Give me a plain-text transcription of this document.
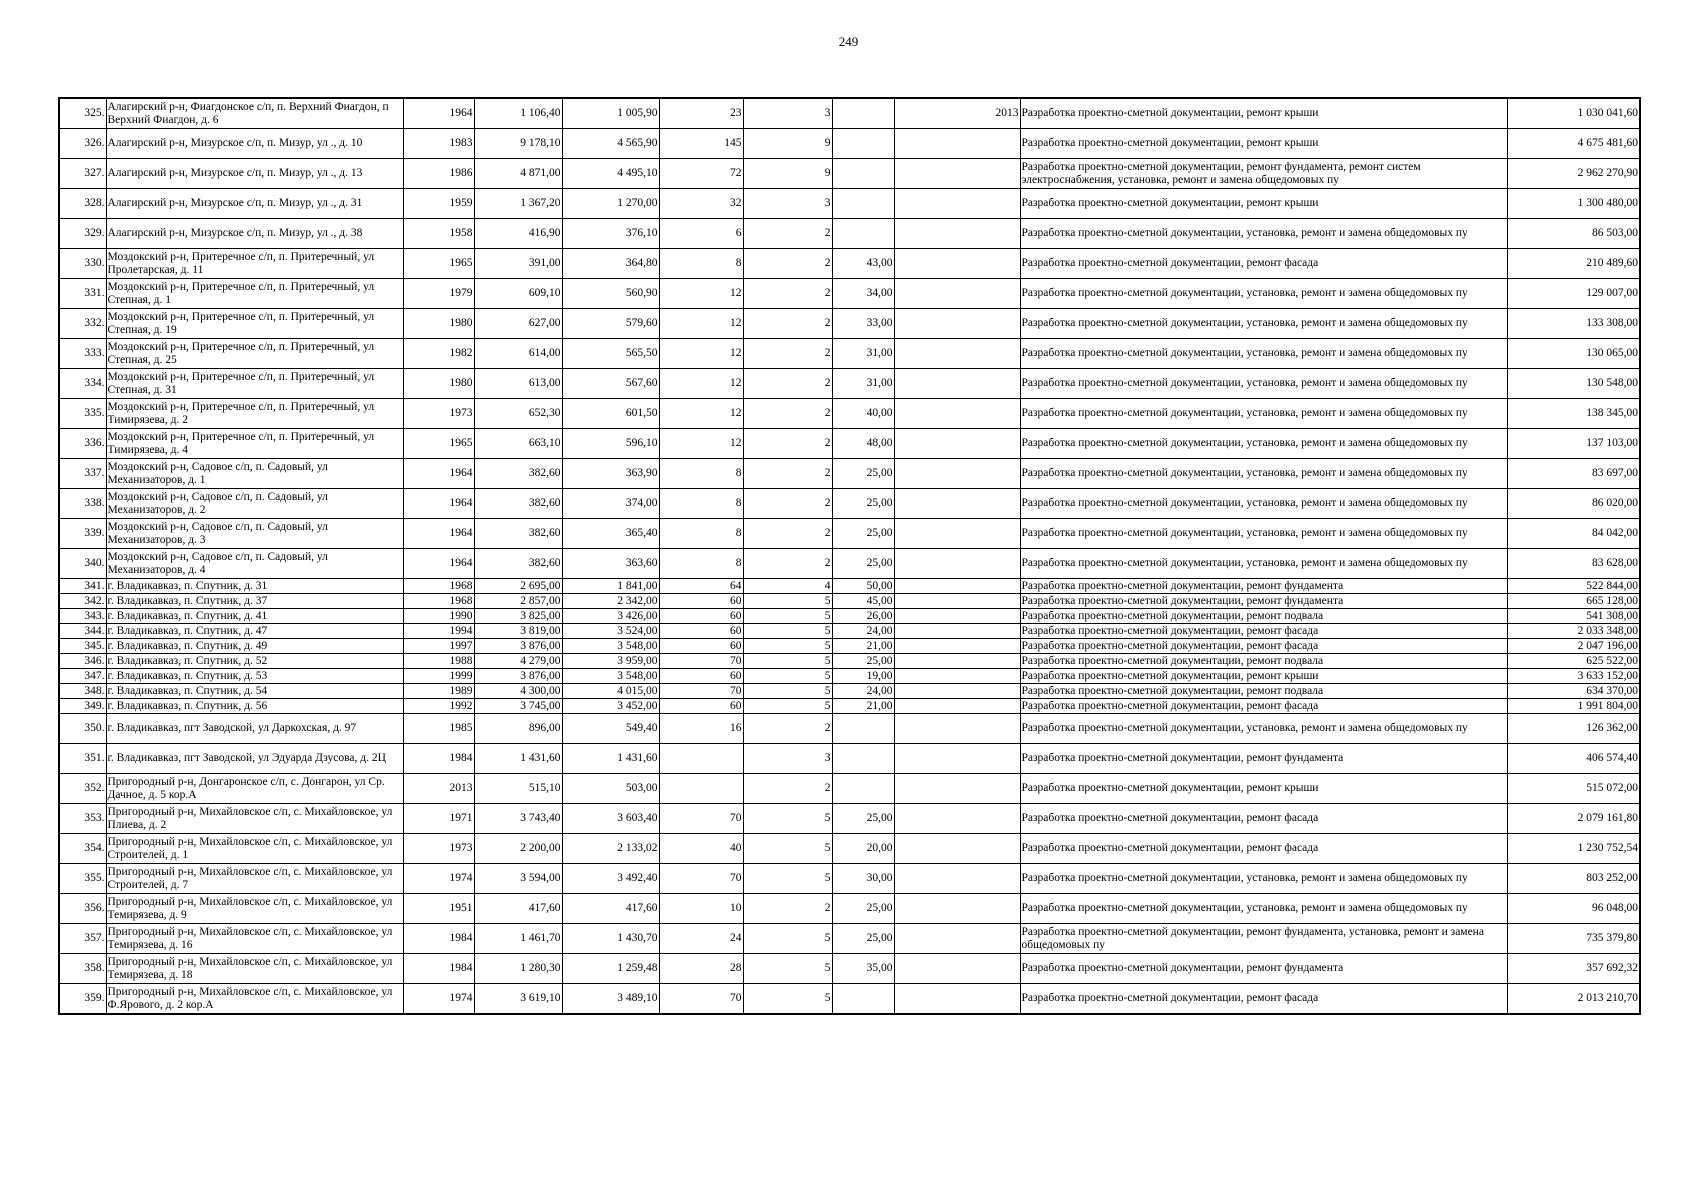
249
325.	Алагирский р-н, Фиагдонское с/п, п. Верхний Фиагдон, п Верхний Фиагдон, д. 6	1964	1 106,40	1 005,90	23	3		2013	Разработка проектно-сметной документации, ремонт крыши	1 030 041,60
326.	Алагирский р-н, Мизурское с/п, п. Мизур, ул ., д. 10	1983	9 178,10	4 565,90	145	9			Разработка проектно-сметной документации, ремонт крыши	4 675 481,60
327.	Алагирский р-н, Мизурское с/п, п. Мизур, ул ., д. 13	1986	4 871,00	4 495,10	72	9			Разработка проектно-сметной документации, ремонт фундамента, ремонт систем электроснабжения, установка, ремонт и замена общедомовых пу	2 962 270,90
328.	Алагирский р-н, Мизурское с/п, п. Мизур, ул ., д. 31	1959	1 367,20	1 270,00	32	3			Разработка проектно-сметной документации, ремонт крыши	1 300 480,00
329.	Алагирский р-н, Мизурское с/п, п. Мизур, ул ., д. 38	1958	416,90	376,10	6	2			Разработка проектно-сметной документации, установка, ремонт и замена общедомовых пу	86 503,00
330.	Моздокский р-н, Притеречное с/п, п. Притеречный, ул Пролетарская, д. 11	1965	391,00	364,80	8	2	43,00		Разработка проектно-сметной документации, ремонт фасада	210 489,60
331.	Моздокский р-н, Притеречное с/п, п. Притеречный, ул Степная, д. 1	1979	609,10	560,90	12	2	34,00		Разработка проектно-сметной документации, установка, ремонт и замена общедомовых пу	129 007,00
332.	Моздокский р-н, Притеречное с/п, п. Притеречный, ул Степная, д. 19	1980	627,00	579,60	12	2	33,00		Разработка проектно-сметной документации, установка, ремонт и замена общедомовых пу	133 308,00
333.	Моздокский р-н, Притеречное с/п, п. Притеречный, ул Степная, д. 25	1982	614,00	565,50	12	2	31,00		Разработка проектно-сметной документации, установка, ремонт и замена общедомовых пу	130 065,00
334.	Моздокский р-н, Притеречное с/п, п. Притеречный, ул Степная, д. 31	1980	613,00	567,60	12	2	31,00		Разработка проектно-сметной документации, установка, ремонт и замена общедомовых пу	130 548,00
335.	Моздокский р-н, Притеречное с/п, п. Притеречный, ул Тимирязева, д. 2	1973	652,30	601,50	12	2	40,00		Разработка проектно-сметной документации, установка, ремонт и замена общедомовых пу	138 345,00
336.	Моздокский р-н, Притеречное с/п, п. Притеречный, ул Тимирязева, д. 4	1965	663,10	596,10	12	2	48,00		Разработка проектно-сметной документации, установка, ремонт и замена общедомовых пу	137 103,00
337.	Моздокский р-н, Садовое с/п, п. Садовый, ул Механизаторов, д. 1	1964	382,60	363,90	8	2	25,00		Разработка проектно-сметной документации, установка, ремонт и замена общедомовых пу	83 697,00
338.	Моздокский р-н, Садовое с/п, п. Садовый, ул Механизаторов, д. 2	1964	382,60	374,00	8	2	25,00		Разработка проектно-сметной документации, установка, ремонт и замена общедомовых пу	86 020,00
339.	Моздокский р-н, Садовое с/п, п. Садовый, ул Механизаторов, д. 3	1964	382,60	365,40	8	2	25,00		Разработка проектно-сметной документации, установка, ремонт и замена общедомовых пу	84 042,00
340.	Моздокский р-н, Садовое с/п, п. Садовый, ул Механизаторов, д. 4	1964	382,60	363,60	8	2	25,00		Разработка проектно-сметной документации, установка, ремонт и замена общедомовых пу	83 628,00
341.	г. Владикавказ, п. Спутник, д. 31	1968	2 695,00	1 841,00	64	4	50,00		Разработка проектно-сметной документации, ремонт фундамента	522 844,00
342.	г. Владикавказ, п. Спутник, д. 37	1968	2 857,00	2 342,00	60	5	45,00		Разработка проектно-сметной документации, ремонт фундамента	665 128,00
343.	г. Владикавказ, п. Спутник, д. 41	1990	3 825,00	3 426,00	60	5	26,00		Разработка проектно-сметной документации, ремонт подвала	541 308,00
344.	г. Владикавказ, п. Спутник, д. 47	1994	3 819,00	3 524,00	60	5	24,00		Разработка проектно-сметной документации, ремонт фасада	2 033 348,00
345.	г. Владикавказ, п. Спутник, д. 49	1997	3 876,00	3 548,00	60	5	21,00		Разработка проектно-сметной документации, ремонт фасада	2 047 196,00
346.	г. Владикавказ, п. Спутник, д. 52	1988	4 279,00	3 959,00	70	5	25,00		Разработка проектно-сметной документации, ремонт подвала	625 522,00
347.	г. Владикавказ, п. Спутник, д. 53	1999	3 876,00	3 548,00	60	5	19,00		Разработка проектно-сметной документации, ремонт крыши	3 633 152,00
348.	г. Владикавказ, п. Спутник, д. 54	1989	4 300,00	4 015,00	70	5	24,00		Разработка проектно-сметной документации, ремонт подвала	634 370,00
349.	г. Владикавказ, п. Спутник, д. 56	1992	3 745,00	3 452,00	60	5	21,00		Разработка проектно-сметной документации, ремонт фасада	1 991 804,00
350.	г. Владикавказ, пгт Заводской, ул Даркохская, д. 97	1985	896,00	549,40	16	2			Разработка проектно-сметной документации, установка, ремонт и замена общедомовых пу	126 362,00
351.	г. Владикавказ, пгт Заводской, ул Эдуарда Дзусова, д. 2Ц	1984	1 431,60	1 431,60		3			Разработка проектно-сметной документации, ремонт фундамента	406 574,40
352.	Пригородный р-н, Донгаронское с/п, с. Донгарон, ул Ср. Дачное, д. 5 кор.А	2013	515,10	503,00		2			Разработка проектно-сметной документации, ремонт крыши	515 072,00
353.	Пригородный р-н, Михайловское с/п, с. Михайловское, ул Плиева, д. 2	1971	3 743,40	3 603,40	70	5	25,00		Разработка проектно-сметной документации, ремонт фасада	2 079 161,80
354.	Пригородный р-н, Михайловское с/п, с. Михайловское, ул Строителей, д. 1	1973	2 200,00	2 133,02	40	5	20,00		Разработка проектно-сметной документации, ремонт фасада	1 230 752,54
355.	Пригородный р-н, Михайловское с/п, с. Михайловское, ул Строителей, д. 7	1974	3 594,00	3 492,40	70	5	30,00		Разработка проектно-сметной документации, установка, ремонт и замена общедомовых пу	803 252,00
356.	Пригородный р-н, Михайловское с/п, с. Михайловское, ул Темирязева, д. 9	1951	417,60	417,60	10	2	25,00		Разработка проектно-сметной документации, установка, ремонт и замена общедомовых пу	96 048,00
357.	Пригородный р-н, Михайловское с/п, с. Михайловское, ул Темирязева, д. 16	1984	1 461,70	1 430,70	24	5	25,00		Разработка проектно-сметной документации, ремонт фундамента, установка, ремонт и замена общедомовых пу	735 379,80
358.	Пригородный р-н, Михайловское с/п, с. Михайловское, ул Темирязева, д. 18	1984	1 280,30	1 259,48	28	5	35,00		Разработка проектно-сметной документации, ремонт фундамента	357 692,32
359.	Пригородный р-н, Михайловское с/п, с. Михайловское, ул Ф.Ярового, д. 2 кор.А	1974	3 619,10	3 489,10	70	5			Разработка проектно-сметной документации, ремонт фасада	2 013 210,70
